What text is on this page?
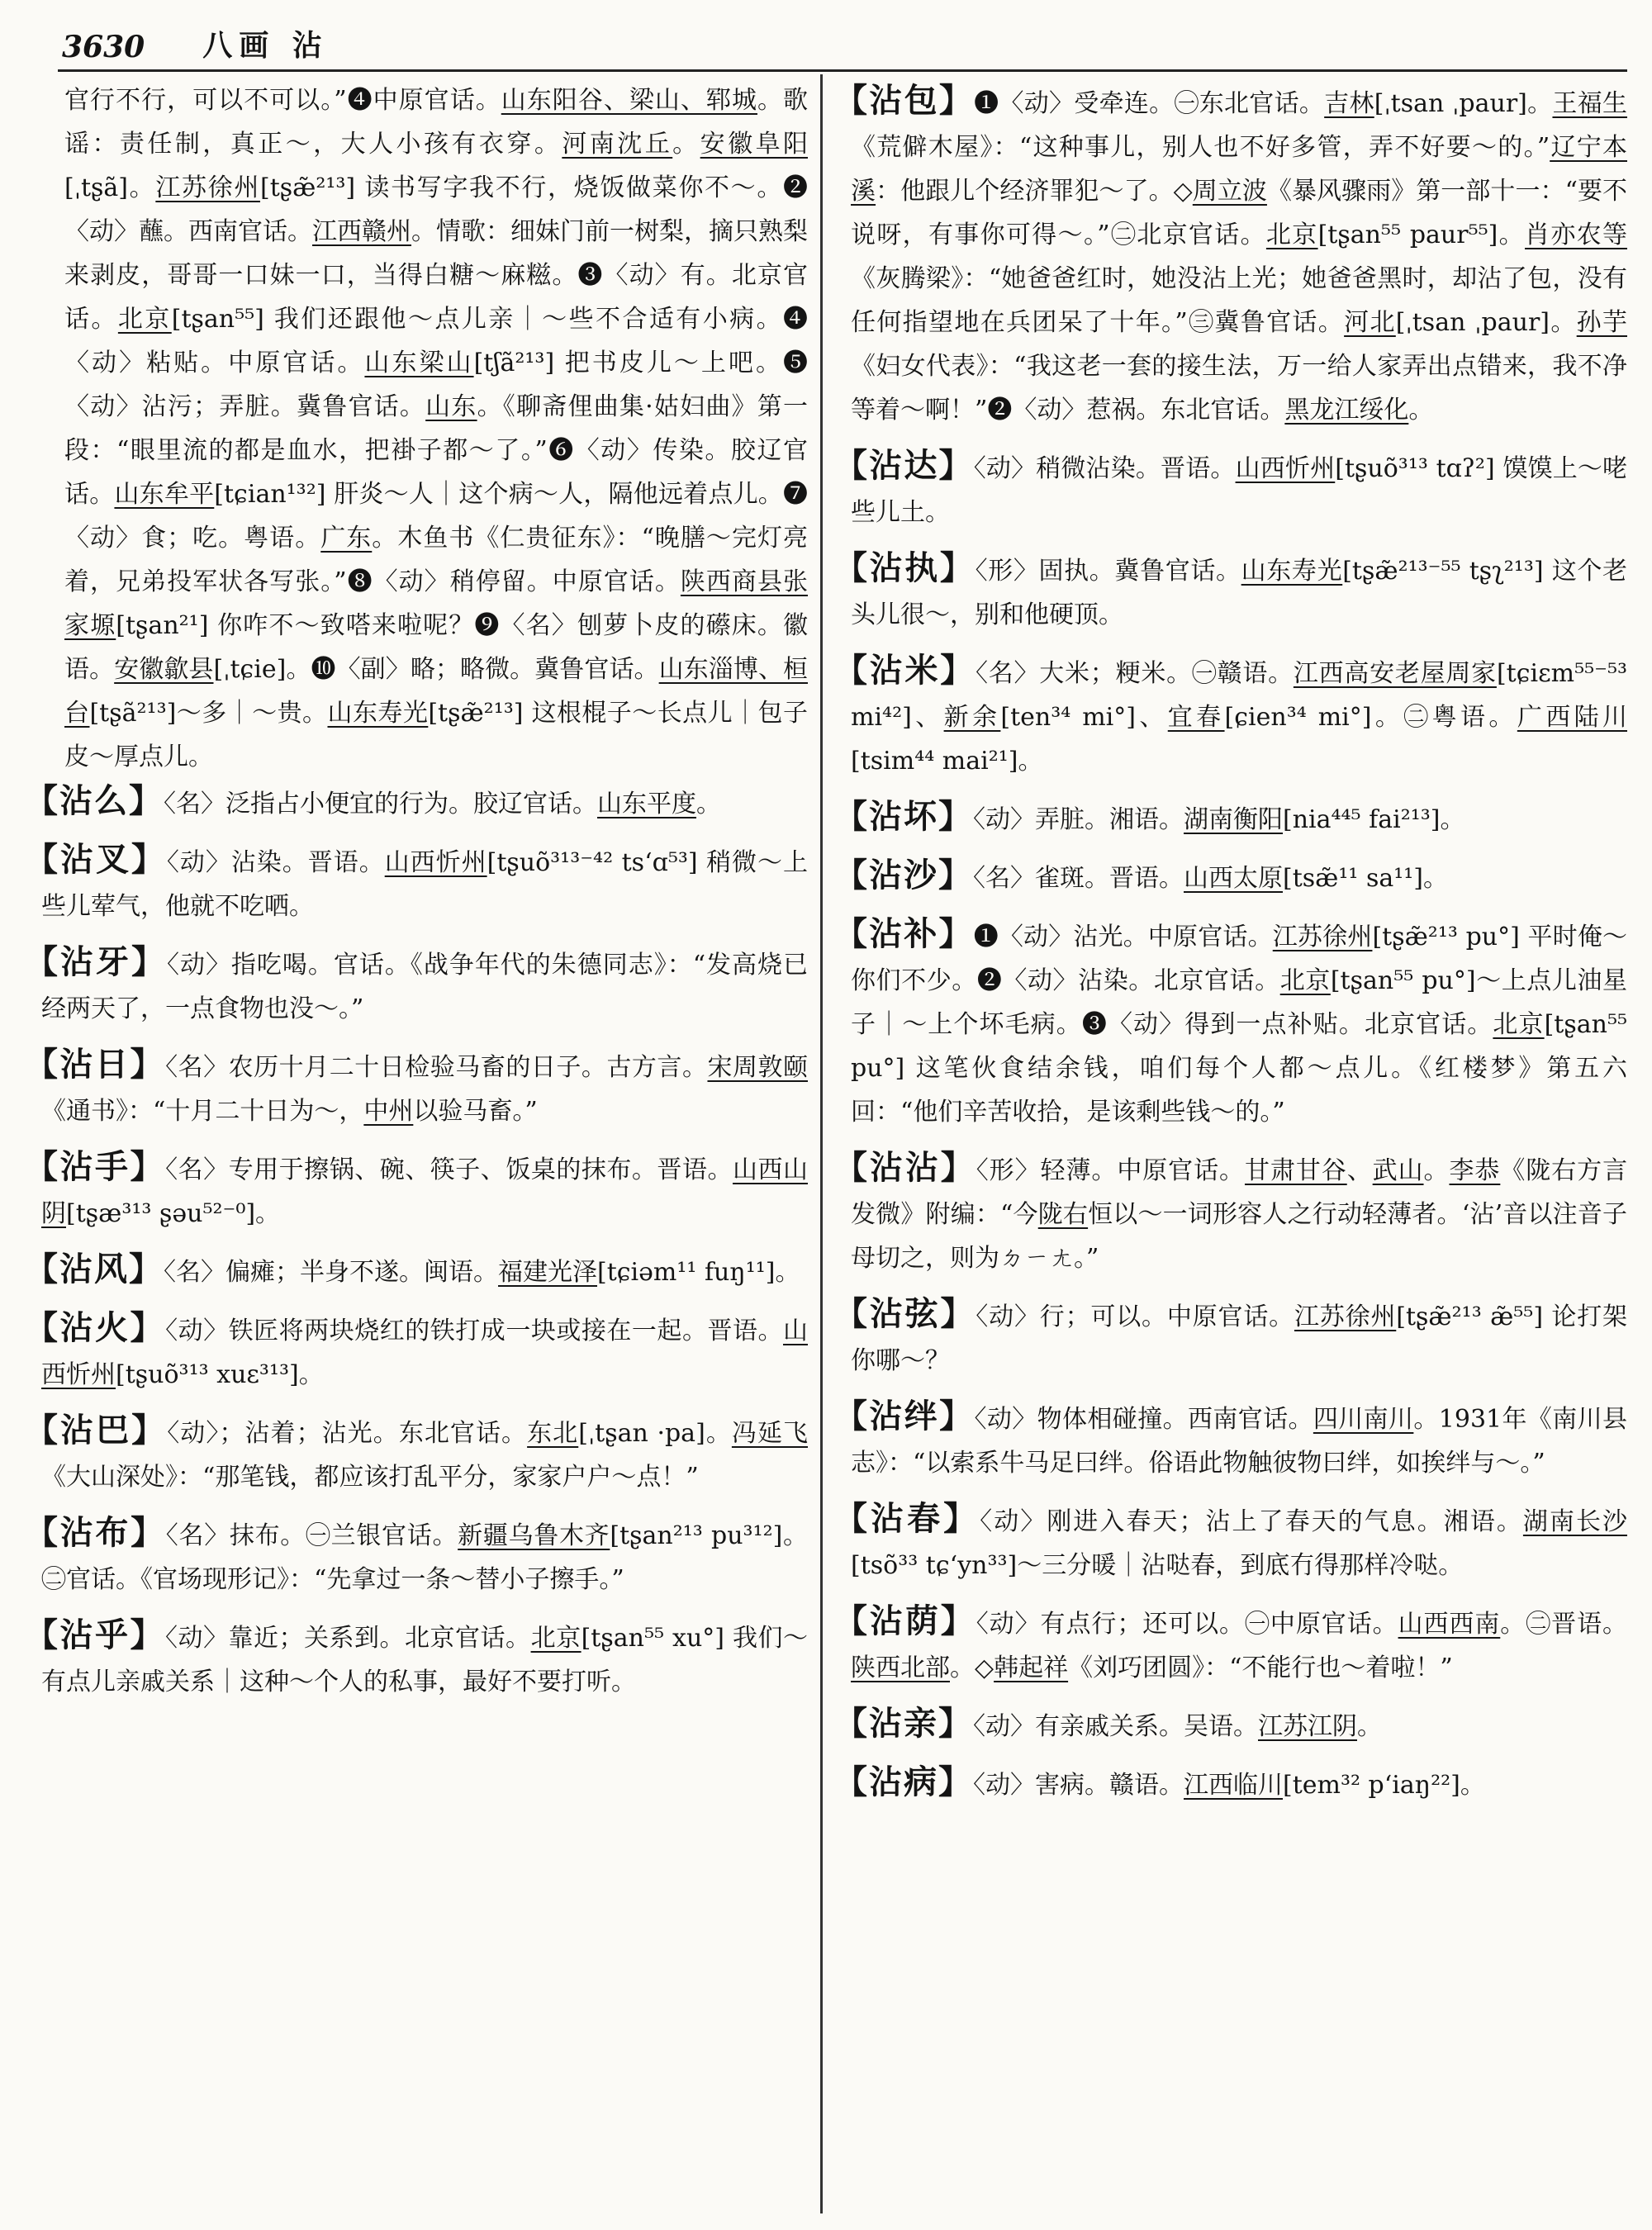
3630 八画 沾

官行不行，可以不可以。”❹中原官话。山东阳谷、梁山、郓城。歌谣：责任制，真正～，大人小孩有衣穿。河南沈丘。安徽阜阳[ˌtʂã]。江苏徐州[tʂæ̃²¹³] 读书写字我不行，烧饭做菜你不～。❷〈动〉蘸。西南官话。江西赣州。情歌：细妹门前一树梨，摘只熟梨来剥皮，哥哥一口妹一口，当得白糖～麻糍。❸〈动〉有。北京官话。北京[tʂan⁵⁵] 我们还跟他～点儿亲｜～些不合适有小病。❹〈动〉粘贴。中原官话。山东梁山[tʃã²¹³] 把书皮儿～上吧。❺〈动〉沾污；弄脏。冀鲁官话。山东。《聊斋俚曲集·姑妇曲》第一段：“眼里流的都是血水，把褂子都～了。”❻〈动〉传染。胶辽官话。山东牟平[tɕian¹³²] 肝炎～人｜这个病～人，隔他远着点儿。❼〈动〉食；吃。粤语。广东。木鱼书《仁贵征东》：“晚膳～完灯亮着，兄弟投军状各写张。”❽〈动〉稍停留。中原官话。陕西商县张家塬[tʂan²¹] 你咋不～致嗒来啦呢？❾〈名〉刨萝卜皮的礤床。徽语。安徽歙县[ˌtɕie]。❿〈副〉略；略微。冀鲁官话。山东淄博、桓台[tʂã²¹³]～多｜～贵。山东寿光[tʂæ̃²¹³] 这根棍子～长点儿｜包子皮～厚点儿。

【沾么】〈名〉泛指占小便宜的行为。胶辽官话。山东平度。

【沾叉】〈动〉沾染。晋语。山西忻州[tʂuõ³¹³⁻⁴² tsʻɑ⁵³] 稍微～上些儿荤气，他就不吃哂。

【沾牙】〈动〉指吃喝。官话。《战争年代的朱德同志》：“发高烧已经两天了，一点食物也没～。”

【沾日】〈名〉农历十月二十日检验马畜的日子。古方言。宋周敦颐《通书》：“十月二十日为～，中州以验马畜。”

【沾手】〈名〉专用于擦锅、碗、筷子、饭桌的抹布。晋语。山西山阴[tʂæ³¹³ ʂəu⁵²⁻⁰]。

【沾风】〈名〉偏瘫；半身不遂。闽语。福建光泽[tɕiəm¹¹ fuŋ¹¹]。

【沾火】〈动〉铁匠将两块烧红的铁打成一块或接在一起。晋语。山西忻州[tʂuõ³¹³ xuɛ³¹³]。

【沾巴】〈动〉；沾着；沾光。东北官话。东北[ˌtʂan ·pa]。冯延飞《大山深处》：“那笔钱，都应该打乱平分，家家户户～点！”

【沾布】〈名〉抹布。㊀兰银官话。新疆乌鲁木齐[tʂan²¹³ pu³¹²]。㊁官话。《官场现形记》：“先拿过一条～替小子擦手。”

【沾乎】〈动〉靠近；关系到。北京官话。北京[tʂan⁵⁵ xu°] 我们～有点儿亲戚关系｜这种～个人的私事，最好不要打听。

【沾包】❶〈动〉受牵连。㊀东北官话。吉林[ˌtsan ˌpaur]。王福生《荒僻木屋》：“这种事儿，别人也不好多管，弄不好要～的。”辽宁本溪：他跟儿个经济罪犯～了。◇周立波《暴风骤雨》第一部十一：“要不说呀，有事你可得～。”㊁北京官话。北京[tʂan⁵⁵ paur⁵⁵]。肖亦农等《灰腾梁》：“她爸爸红时，她没沾上光；她爸爸黑时，却沾了包，没有任何指望地在兵团呆了十年。”㊂冀鲁官话。河北[ˌtsan ˌpaur]。孙芋《妇女代表》：“我这老一套的接生法，万一给人家弄出点错来，我不净等着～啊！”❷〈动〉惹祸。东北官话。黑龙江绥化。

【沾达】〈动〉稍微沾染。晋语。山西忻州[tʂuõ³¹³ tɑʔ²] 馍馍上～咾些儿土。

【沾执】〈形〉固执。冀鲁官话。山东寿光[tʂæ̃²¹³⁻⁵⁵ tʂʅ²¹³] 这个老头儿很～，别和他硬顶。

【沾米】〈名〉大米；粳米。㊀赣语。江西高安老屋周家[tɕiɛm⁵⁵⁻⁵³ mi⁴²]、新余[ten³⁴ mi°]、宜春[ɕien³⁴ mi°]。㊁粤语。广西陆川[tsim⁴⁴ mai²¹]。

【沾坏】〈动〉弄脏。湘语。湖南衡阳[nia⁴⁴⁵ fai²¹³]。

【沾沙】〈名〉雀斑。晋语。山西太原[tsæ̃¹¹ sa¹¹]。

【沾补】❶〈动〉沾光。中原官话。江苏徐州[tʂæ̃²¹³ pu°] 平时俺～你们不少。❷〈动〉沾染。北京官话。北京[tʂan⁵⁵ pu°]～上点儿油星子｜～上个坏毛病。❸〈动〉得到一点补贴。北京官话。北京[tʂan⁵⁵ pu°] 这笔伙食结余钱，咱们每个人都～点儿。《红楼梦》第五六回：“他们辛苦收拾，是该剩些钱～的。”

【沾沾】〈形〉轻薄。中原官话。甘肃甘谷、武山。李恭《陇右方言发微》附编：“今陇右恒以～一词形容人之行动轻薄者。‘沾’音以注音子母切之，则为ㄉㄧㄤ。”

【沾弦】〈动〉行；可以。中原官话。江苏徐州[tʂæ̃²¹³ æ̃⁵⁵] 论打架你哪～？

【沾绊】〈动〉物体相碰撞。西南官话。四川南川。1931年《南川县志》：“以索系牛马足曰绊。俗语此物触彼物曰绊，如挨绊与～。”

【沾春】〈动〉刚进入春天；沾上了春天的气息。湘语。湖南长沙[tsõ³³ tɕʻyn³³]～三分暖｜沾哒春，到底冇得那样冷哒。

【沾荫】〈动〉有点行；还可以。㊀中原官话。山西西南。㊁晋语。陕西北部。◇韩起祥《刘巧团圆》：“不能行也～着啦！”

【沾亲】〈动〉有亲戚关系。吴语。江苏江阴。

【沾病】〈动〉害病。赣语。江西临川[tem³² pʻiaŋ²²]。
